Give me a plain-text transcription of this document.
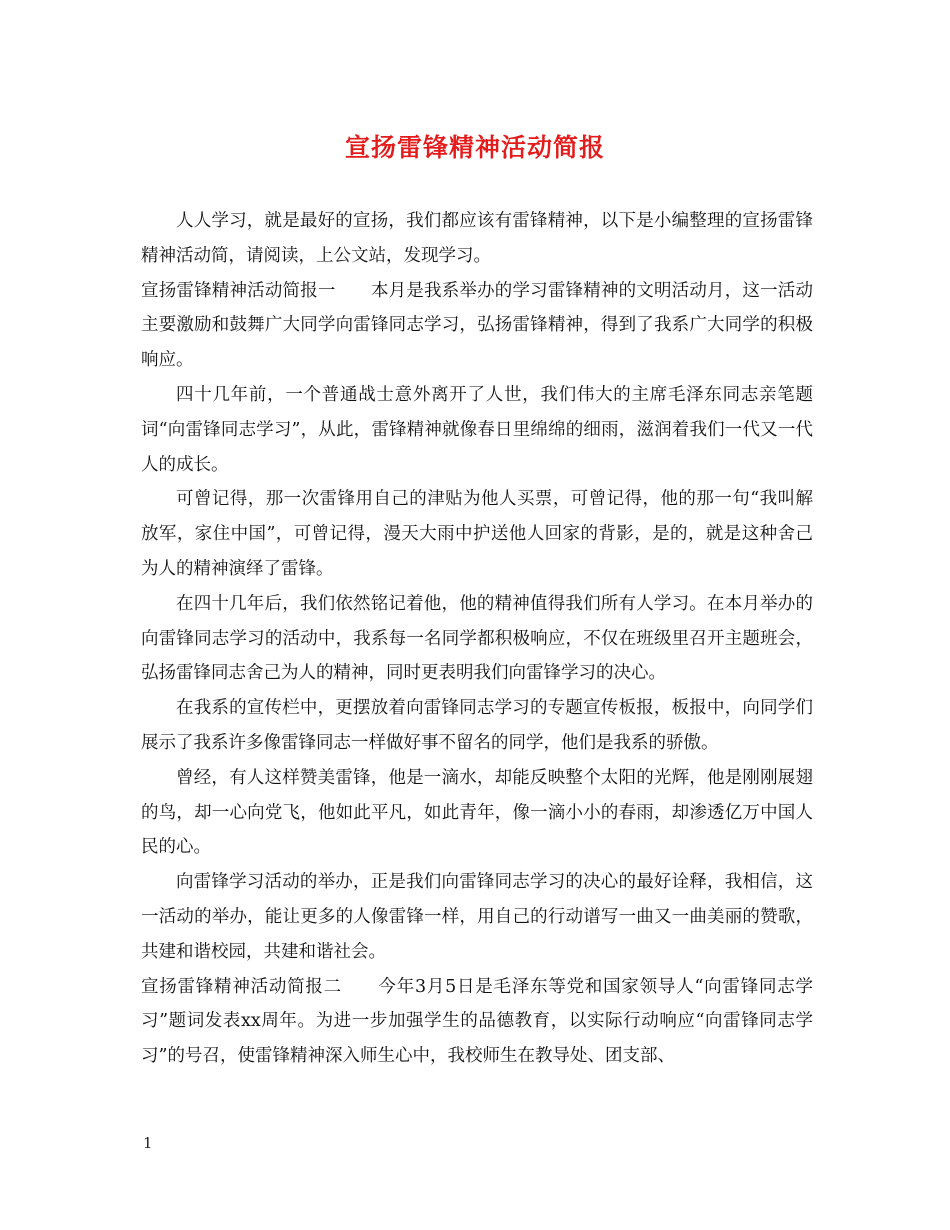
宣扬雷锋精神活动简报

人人学习，就是最好的宣扬，我们都应该有雷锋精神，以下是小编整理的宣扬雷锋精神活动简，请阅读，上公文站，发现学习。

宣扬雷锋精神活动简报一　　本月是我系举办的学习雷锋精神的文明活动月，这一活动主要激励和鼓舞广大同学向雷锋同志学习，弘扬雷锋精神，得到了我系广大同学的积极响应。

四十几年前，一个普通战士意外离开了人世，我们伟大的主席毛泽东同志亲笔题词“向雷锋同志学习”，从此，雷锋精神就像春日里绵绵的细雨，滋润着我们一代又一代人的成长。

可曾记得，那一次雷锋用自己的津贴为他人买票，可曾记得，他的那一句“我叫解放军，家住中国”，可曾记得，漫天大雨中护送他人回家的背影，是的，就是这种舍己为人的精神演绎了雷锋。

在四十几年后，我们依然铭记着他，他的精神值得我们所有人学习。在本月举办的向雷锋同志学习的活动中，我系每一名同学都积极响应，不仅在班级里召开主题班会，弘扬雷锋同志舍己为人的精神，同时更表明我们向雷锋学习的决心。

在我系的宣传栏中，更摆放着向雷锋同志学习的专题宣传板报，板报中，向同学们展示了我系许多像雷锋同志一样做好事不留名的同学，他们是我系的骄傲。

曾经，有人这样赞美雷锋，他是一滴水，却能反映整个太阳的光辉，他是刚刚展翅的鸟，却一心向党飞，他如此平凡，如此青年，像一滴小小的春雨，却渗透亿万中国人民的心。

向雷锋学习活动的举办，正是我们向雷锋同志学习的决心的最好诠释，我相信，这一活动的举办，能让更多的人像雷锋一样，用自己的行动谱写一曲又一曲美丽的赞歌，共建和谐校园，共建和谐社会。

宣扬雷锋精神活动简报二　　今年3月5日是毛泽东等党和国家领导人“向雷锋同志学习”题词发表xx周年。为进一步加强学生的品德教育，以实际行动响应“向雷锋同志学习”的号召，使雷锋精神深入师生心中，我校师生在教导处、团支部、

1
